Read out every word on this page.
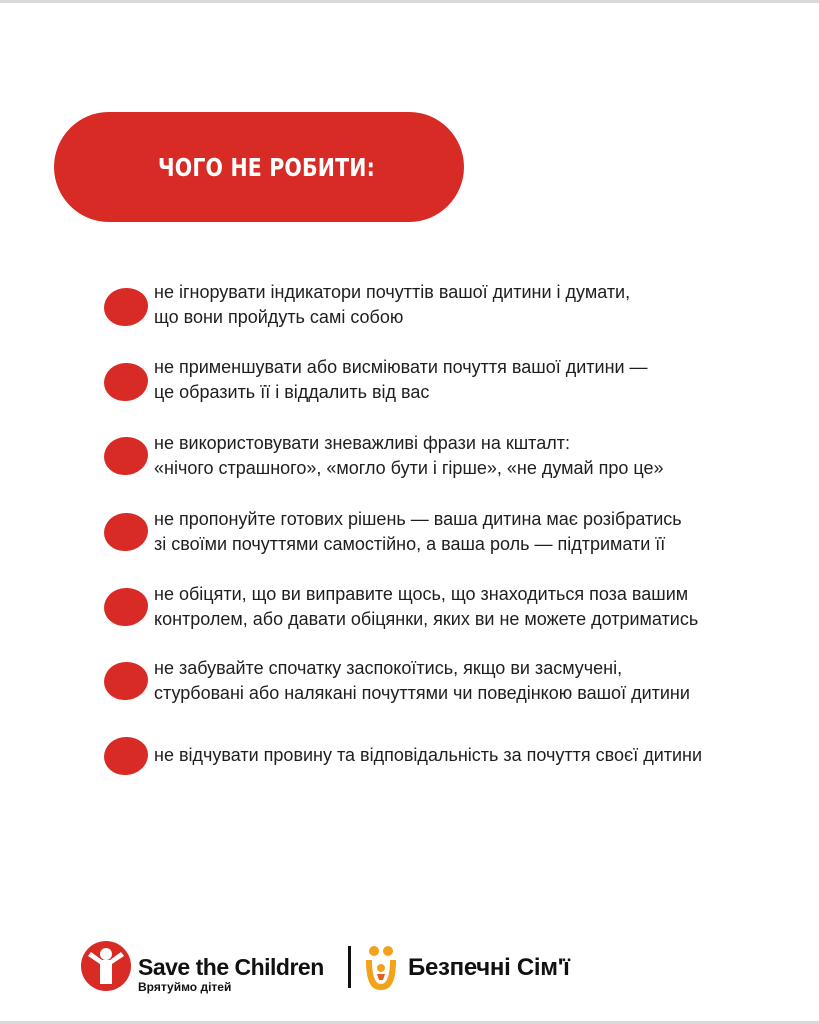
ЧОГО НЕ РОБИТИ:
не ігнорувати індикатори почуттів вашої дитини і думати,
що вони пройдуть самі собою
не применшувати або висміювати почуття вашої дитини —
це образить її і віддалить від вас
не використовувати зневажливі фрази на кшталт:
«нічого страшного», «могло бути і гірше», «не думай про це»
не пропонуйте готових рішень — ваша дитина має розібратись
зі своїми почуттями самостійно, а ваша роль — підтримати її
не обіцяти, що ви виправите щось, що знаходиться поза вашим
контролем, або давати обіцянки, яких ви не можете дотриматись
не забувайте спочатку заспокоїтись, якщо ви засмучені,
стурбовані або налякані почуттями чи поведінкою вашої дитини
не відчувати провину та відповідальність за почуття своєї дитини
Save the Children
Врятуймо дітей
Безпечні Сім'ї
